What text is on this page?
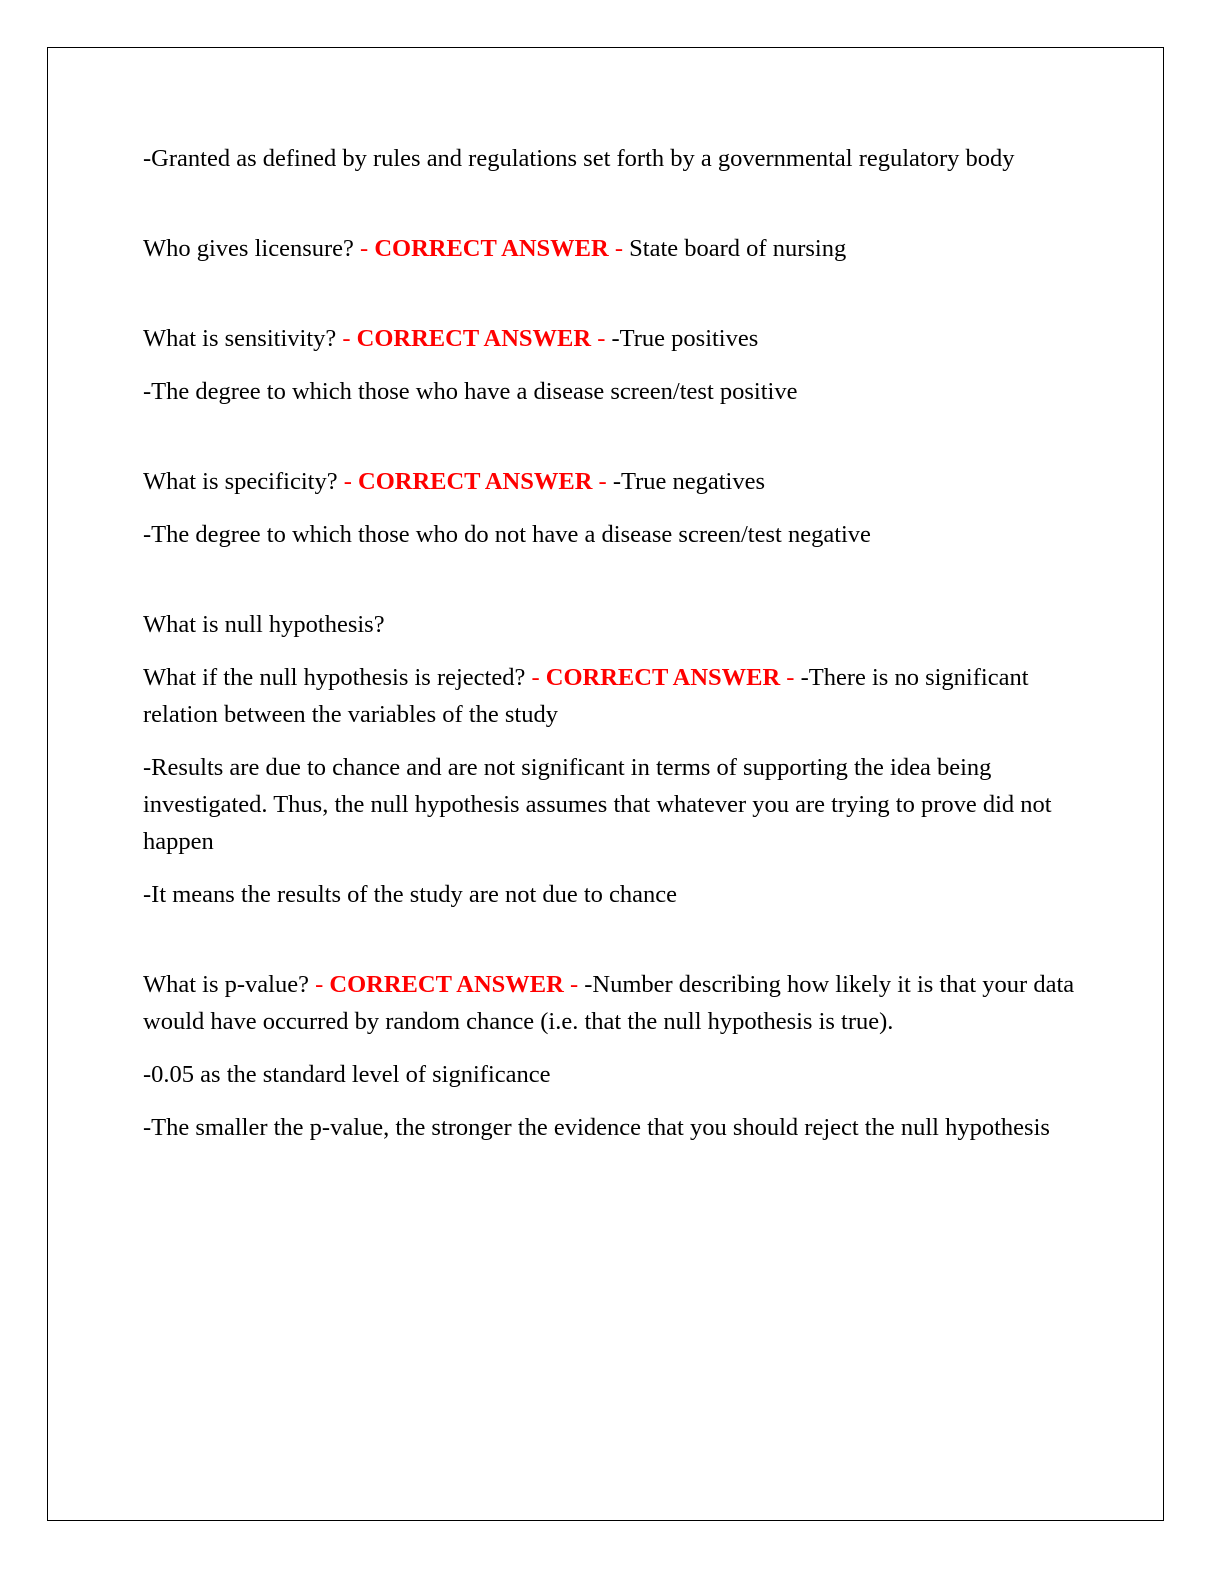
-Granted as defined by rules and regulations set forth by a governmental regulatory body

Who gives licensure? - CORRECT ANSWER - State board of nursing

What is sensitivity? - CORRECT ANSWER - -True positives

-The degree to which those who have a disease screen/test positive

What is specificity? - CORRECT ANSWER - -True negatives

-The degree to which those who do not have a disease screen/test negative

What is null hypothesis?

What if the null hypothesis is rejected? - CORRECT ANSWER - -There is no significant relation between the variables of the study

-Results are due to chance and are not significant in terms of supporting the idea being investigated. Thus, the null hypothesis assumes that whatever you are trying to prove did not happen

-It means the results of the study are not due to chance

What is p-value? - CORRECT ANSWER - -Number describing how likely it is that your data would have occurred by random chance (i.e. that the null hypothesis is true).

-0.05 as the standard level of significance

-The smaller the p-value, the stronger the evidence that you should reject the null hypothesis
